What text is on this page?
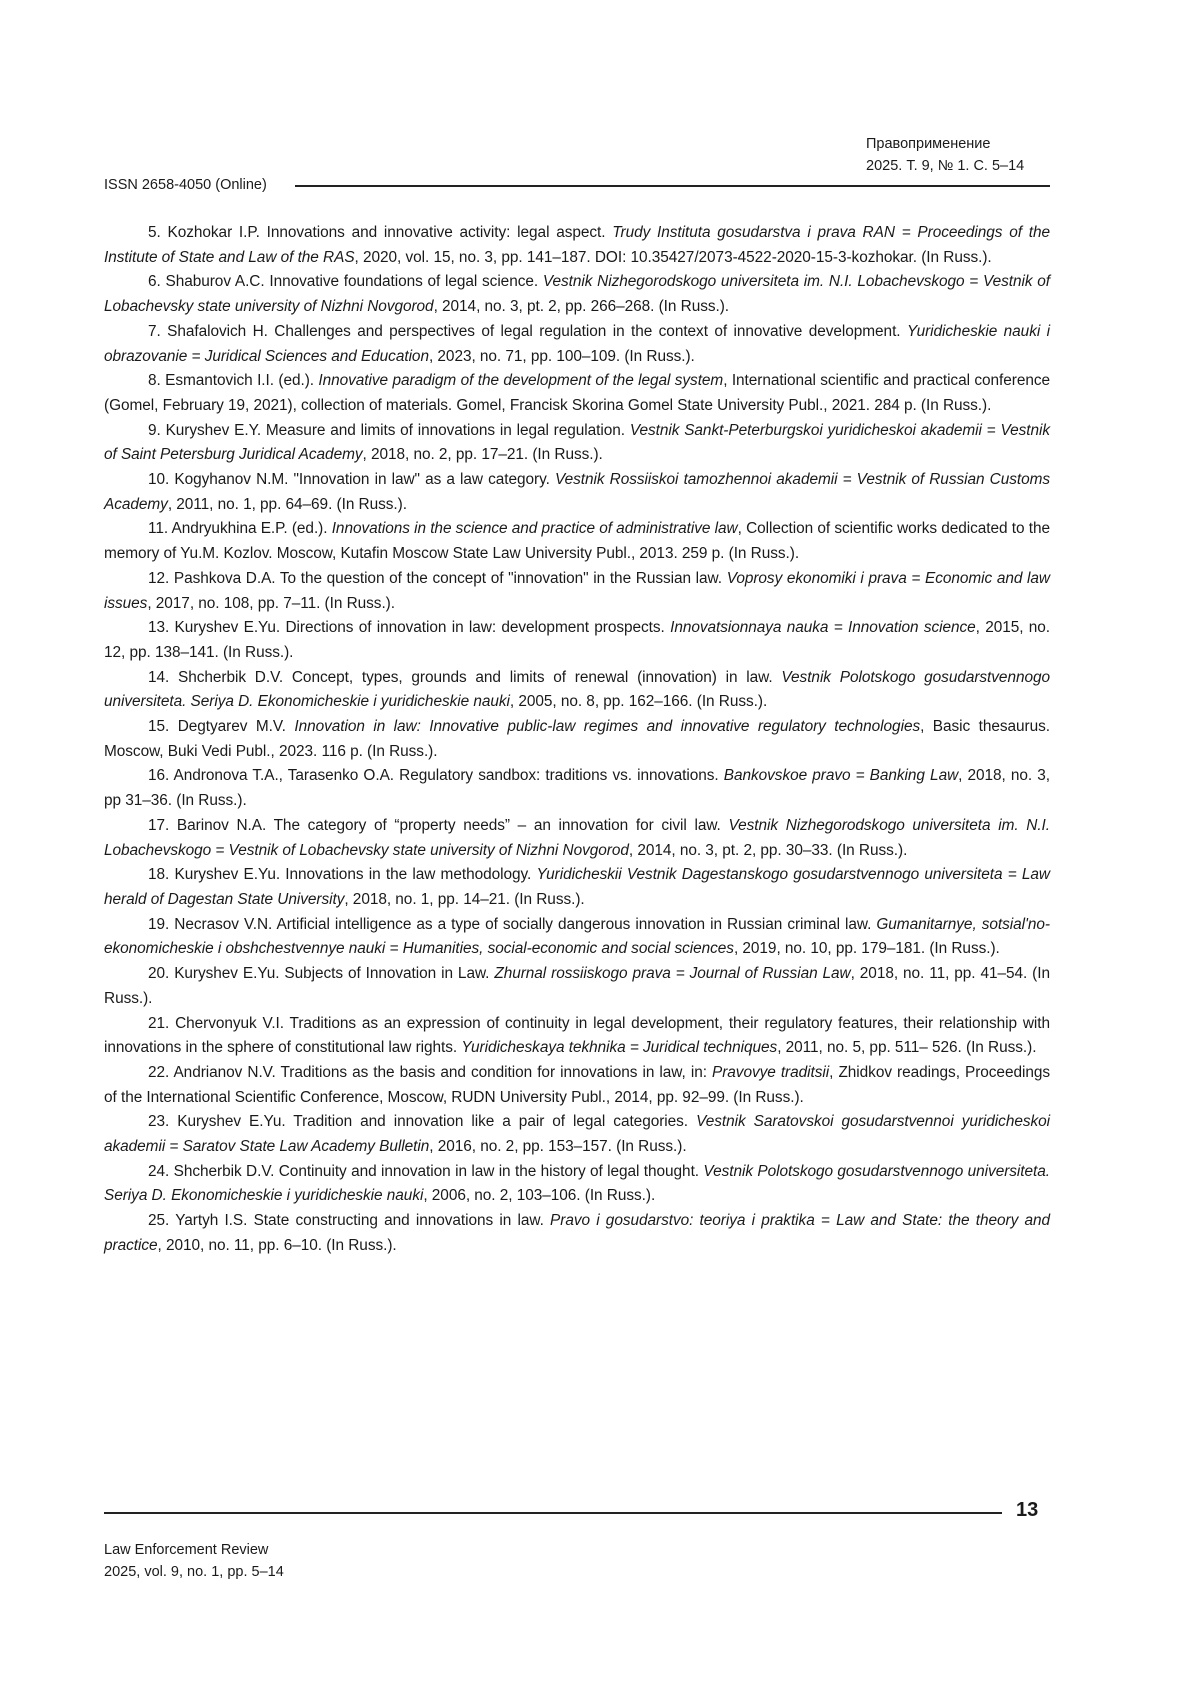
Правоприменение
2025. Т. 9, № 1. С. 5–14
ISSN 2658-4050 (Online)

5. Kozhokar I.P. Innovations and innovative activity: legal aspect. Trudy Instituta gosudarstva i prava RAN = Proceedings of the Institute of State and Law of the RAS, 2020, vol. 15, no. 3, pp. 141–187. DOI: 10.35427/2073-4522-2020-15-3-kozhokar. (In Russ.).

6. Shaburov A.C. Innovative foundations of legal science. Vestnik Nizhegorodskogo universiteta im. N.I. Lobachevskogo = Vestnik of Lobachevsky state university of Nizhni Novgorod, 2014, no. 3, pt. 2, pp. 266–268. (In Russ.).

7. Shafalovich H. Challenges and perspectives of legal regulation in the context of innovative development. Yuridicheskie nauki i obrazovanie = Juridical Sciences and Education, 2023, no. 71, pp. 100–109. (In Russ.).

8. Esmantovich I.I. (ed.). Innovative paradigm of the development of the legal system, International scientific and practical conference (Gomel, February 19, 2021), collection of materials. Gomel, Francisk Skorina Gomel State University Publ., 2021. 284 p. (In Russ.).

9. Kuryshev E.Y. Measure and limits of innovations in legal regulation. Vestnik Sankt-Peterburgskoi yuridicheskoi akademii = Vestnik of Saint Petersburg Juridical Academy, 2018, no. 2, pp. 17–21. (In Russ.).

10. Kogyhanov N.M. "Innovation in law" as a law category. Vestnik Rossiiskoi tamozhennoi akademii = Vestnik of Russian Customs Academy, 2011, no. 1, pp. 64–69. (In Russ.).

11. Andryukhina E.P. (ed.). Innovations in the science and practice of administrative law, Collection of scientific works dedicated to the memory of Yu.M. Kozlov. Moscow, Kutafin Moscow State Law University Publ., 2013. 259 p. (In Russ.).

12. Pashkova D.A. To the question of the concept of "innovation" in the Russian law. Voprosy ekonomiki i prava = Economic and law issues, 2017, no. 108, pp. 7–11. (In Russ.).

13. Kuryshev E.Yu. Directions of innovation in law: development prospects. Innovatsionnaya nauka = Innovation science, 2015, no. 12, pp. 138–141. (In Russ.).

14. Shcherbik D.V. Concept, types, grounds and limits of renewal (innovation) in law. Vestnik Polotskogo gosudarstvennogo universiteta. Seriya D. Ekonomicheskie i yuridicheskie nauki, 2005, no. 8, pp. 162–166. (In Russ.).

15. Degtyarev M.V. Innovation in law: Innovative public-law regimes and innovative regulatory technologies, Basic thesaurus. Moscow, Buki Vedi Publ., 2023. 116 p. (In Russ.).

16. Andronova T.A., Tarasenko O.A. Regulatory sandbox: traditions vs. innovations. Bankovskoe pravo = Banking Law, 2018, no. 3, pp 31–36. (In Russ.).

17. Barinov N.A. The category of “property needs” – an innovation for civil law. Vestnik Nizhegorodskogo universiteta im. N.I. Lobachevskogo = Vestnik of Lobachevsky state university of Nizhni Novgorod, 2014, no. 3, pt. 2, pp. 30–33. (In Russ.).

18. Kuryshev E.Yu. Innovations in the law methodology. Yuridicheskii Vestnik Dagestanskogo gosudarstvennogo universiteta = Law herald of Dagestan State University, 2018, no. 1, pp. 14–21. (In Russ.).

19. Necrasov V.N. Artificial intelligence as a type of socially dangerous innovation in Russian criminal law. Gumanitarnye, sotsial'no-ekonomicheskie i obshchestvennye nauki = Humanities, social-economic and social sciences, 2019, no. 10, pp. 179–181. (In Russ.).

20. Kuryshev E.Yu. Subjects of Innovation in Law. Zhurnal rossiiskogo prava = Journal of Russian Law, 2018, no. 11, pp. 41–54. (In Russ.).

21. Chervonyuk V.I. Traditions as an expression of continuity in legal development, their regulatory features, their relationship with innovations in the sphere of constitutional law rights. Yuridicheskaya tekhnika = Juridical techniques, 2011, no. 5, pp. 511– 526. (In Russ.).

22. Andrianov N.V. Traditions as the basis and condition for innovations in law, in: Pravovye traditsii, Zhidkov readings, Proceedings of the International Scientific Conference, Moscow, RUDN University Publ., 2014, pp. 92–99. (In Russ.).

23. Kuryshev E.Yu. Tradition and innovation like a pair of legal categories. Vestnik Saratovskoi gosudarstvennoi yuridicheskoi akademii = Saratov State Law Academy Bulletin, 2016, no. 2, pp. 153–157. (In Russ.).

24. Shcherbik D.V. Continuity and innovation in law in the history of legal thought. Vestnik Polotskogo gosudarstvennogo universiteta. Seriya D. Ekonomicheskie i yuridicheskie nauki, 2006, no. 2, 103–106. (In Russ.).

25. Yartyh I.S. State constructing and innovations in law. Pravo i gosudarstvo: teoriya i praktika = Law and State: the theory and practice, 2010, no. 11, pp. 6–10. (In Russ.).

13
Law Enforcement Review
2025, vol. 9, no. 1, pp. 5–14
